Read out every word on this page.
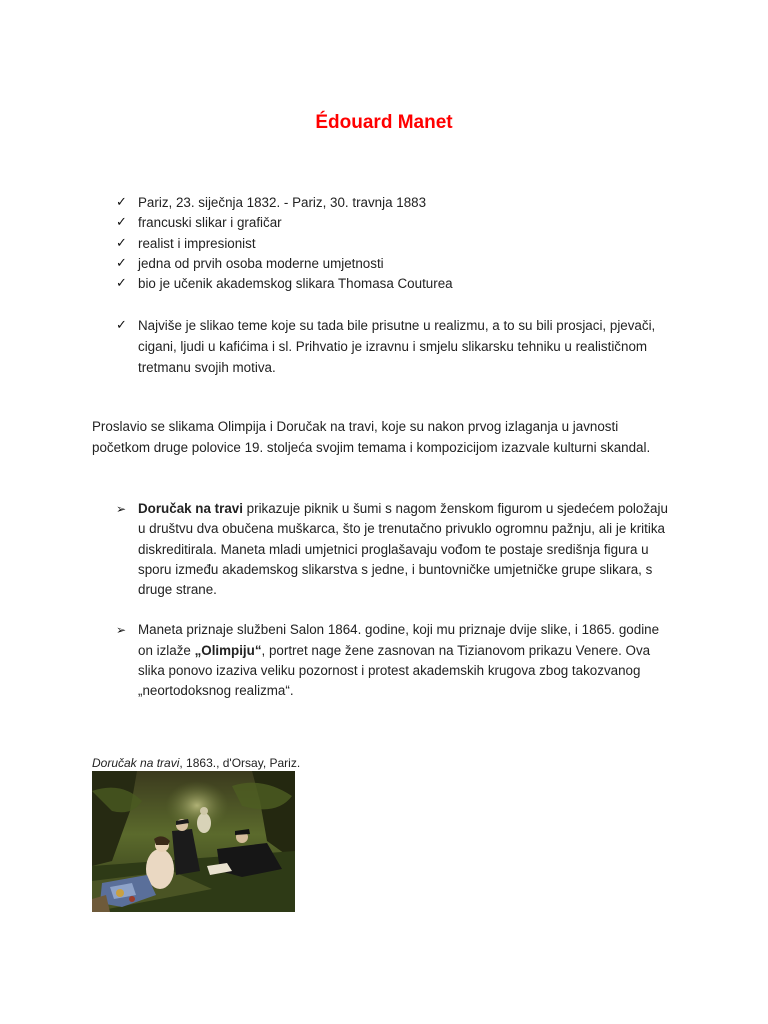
Édouard Manet
✓ Pariz, 23. siječnja 1832. - Pariz, 30. travnja 1883
✓ francuski slikar i grafičar
✓ realist i impresionist
✓ jedna od prvih osoba moderne umjetnosti
✓ bio je učenik akademskog slikara Thomasa Couturea
✓ Najviše je slikao teme koje su tada bile prisutne u realizmu, a to su bili prosjaci, pjevači, cigani, ljudi u kafićima i sl. Prihvatio je izravnu i smjelu slikarsku tehniku u realističnom tretmanu svojih motiva.

Proslavio se slikama Olimpija i Doručak na travi, koje su nakon prvog izlaganja u javnosti početkom druge polovice 19. stoljeća svojim temama i kompozicijom izazvale kulturni skandal.

➢ Doručak na travi prikazuje piknik u šumi s nagom ženskom figurom u sjedećem položaju u društvu dva obučena muškarca, što je trenutačno privuklo ogromnu pažnju, ali je kritika diskreditirala. Maneta mladi umjetnici proglašavaju vođom te postaje središnja figura u sporu između akademskog slikarstva s jedne, i buntovničke umjetničke grupe slikara, s druge strane.
➢ Maneta priznaje službeni Salon 1864. godine, koji mu priznaje dvije slike, i 1865. godine on izlaže „Olimpiju“, portret nage žene zasnovan na Tizianovom prikazu Venere. Ova slika ponovo izaziva veliku pozornost i protest akademskih krugova zbog takozvanog „neortodoksnog realizma“.
Doručak na travi, 1863., d'Orsay, Pariz.
